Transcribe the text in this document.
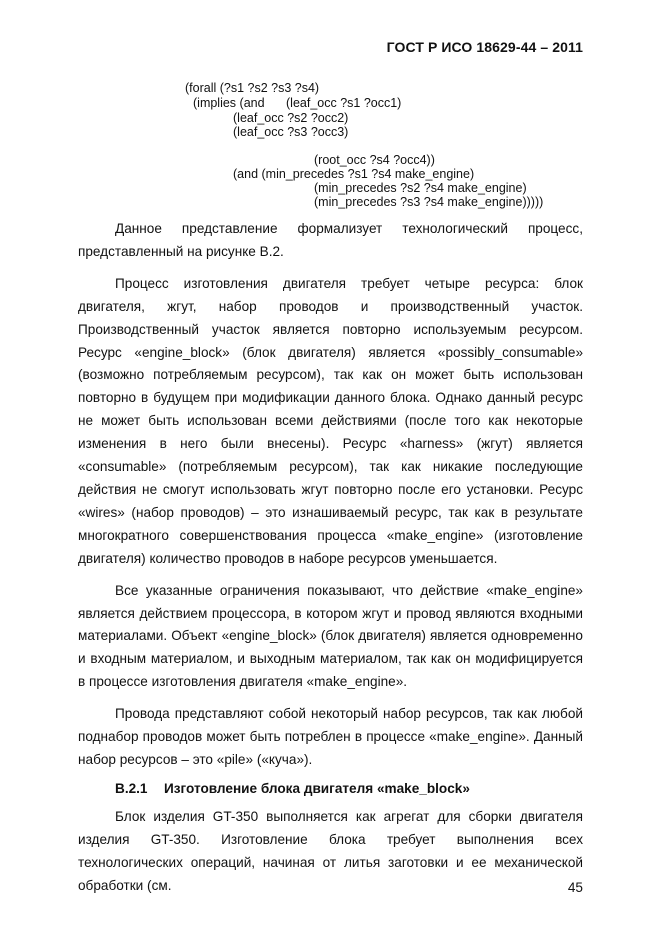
ГОСТ Р ИСО 18629-44 – 2011
(forall (?s1 ?s2 ?s3 ?s4)
(implies (and (leaf_occ ?s1 ?occ1)
(leaf_occ ?s2 ?occ2)
(leaf_occ ?s3 ?occ3)
(root_occ ?s4 ?occ4))
(and (min_precedes ?s1 ?s4 make_engine)
(min_precedes ?s2 ?s4 make_engine)
(min_precedes ?s3 ?s4 make_engine)))))

Данное представление формализует технологический процесс, представленный на рисунке В.2.

Процесс изготовления двигателя требует четыре ресурса: блок двигателя, жгут, набор проводов и производственный участок. Производственный участок является повторно используемым ресурсом. Ресурс «engine_block» (блок двигателя) является «possibly_consumable» (возможно потребляемым ресурсом), так как он может быть использован повторно в будущем при модификации данного блока. Однако данный ресурс не может быть использован всеми действиями (после того как некоторые изменения в него были внесены). Ресурс «harness» (жгут) является «consumable» (потребляемым ресурсом), так как никакие последующие действия не смогут использовать жгут повторно после его установки. Ресурс «wires» (набор проводов) – это изнашиваемый ресурс, так как в результате многократного совершенствования процесса «make_engine» (изготовление двигателя) количество проводов в наборе ресурсов уменьшается.

Все указанные ограничения показывают, что действие «make_engine» является действием процессора, в котором жгут и провод являются входными материалами. Объект «engine_block» (блок двигателя) является одновременно и входным материалом, и выходным материалом, так как он модифицируется в процессе изготовления двигателя «make_engine».

Провода представляют собой некоторый набор ресурсов, так как любой поднабор проводов может быть потреблен в процессе «make_engine». Данный набор ресурсов – это «pile» («куча»).

В.2.1 Изготовление блока двигателя «make_block»

Блок изделия GT-350 выполняется как агрегат для сборки двигателя изделия GT-350. Изготовление блока требует выполнения всех технологических операций, начиная от литья заготовки и ее механической обработки (см.	45
